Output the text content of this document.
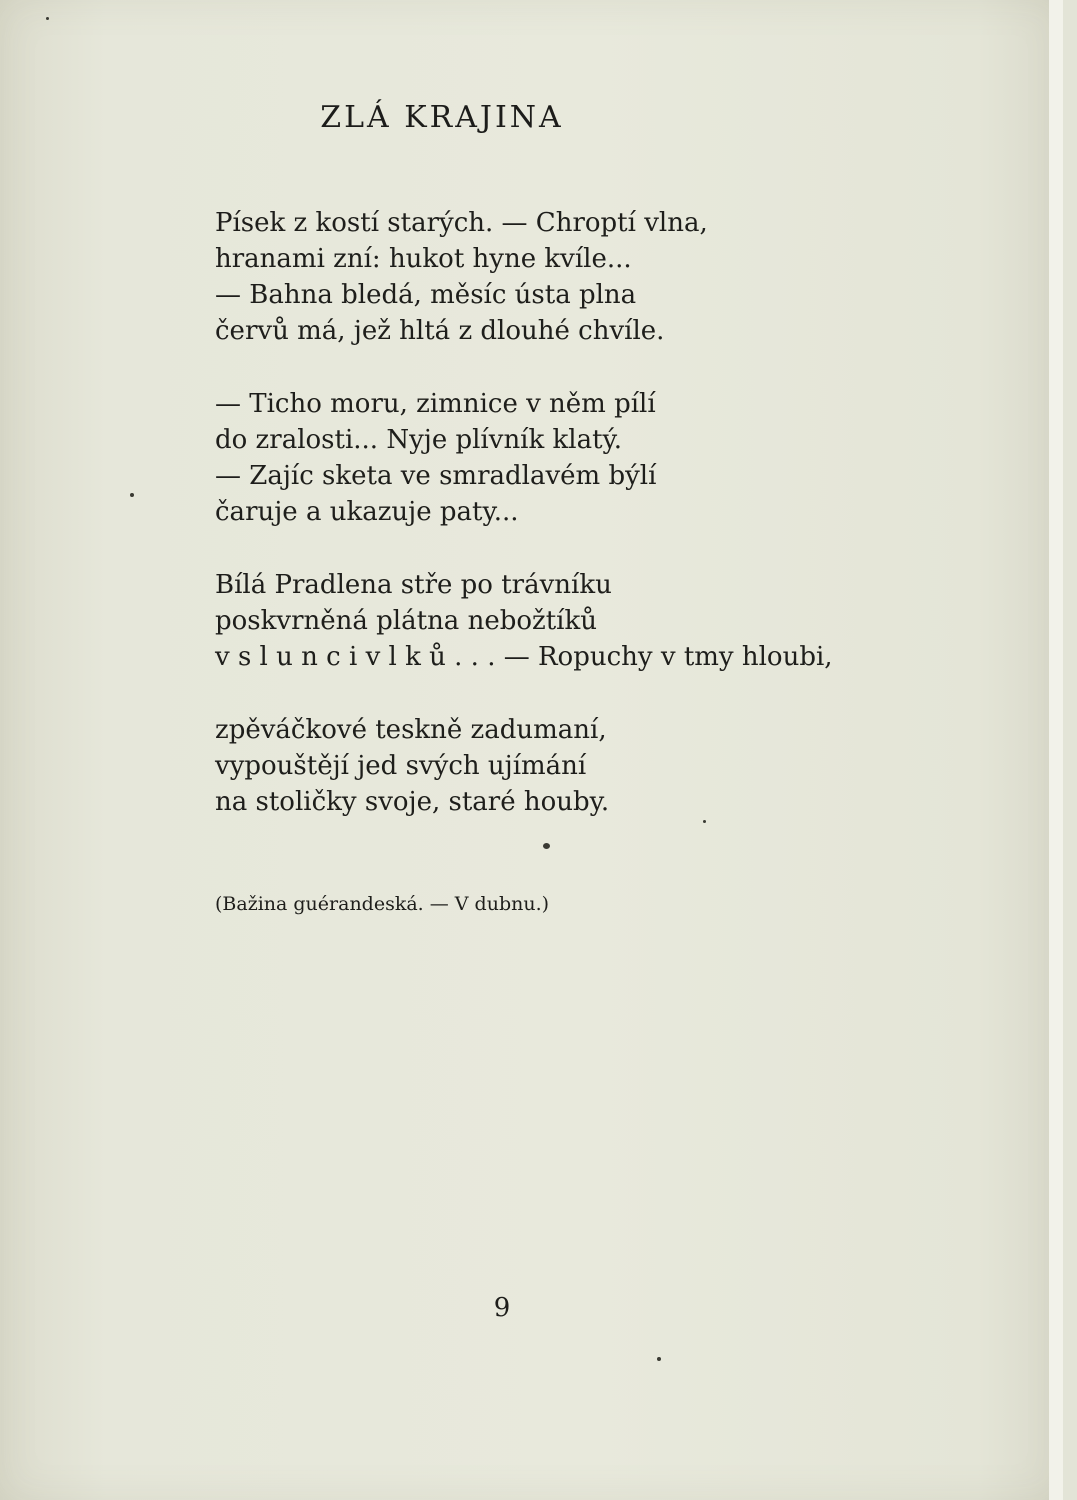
ZLÁ KRAJINA
Písek z kostí starých. — Chroptí vlna,
hranami zní: hukot hyne kvíle...
— Bahna bledá, měsíc ústa plna
červů má, jež hltá z dlouhé chvíle.
— Ticho moru, zimnice v něm pílí
do zralosti... Nyje plívník klatý.
— Zajíc sketa ve smradlavém býlí
čaruje a ukazuje paty...
Bílá Pradlena stře po trávníku
poskvrněná plátna nebožtíků
v s l u n c i v l k ů . . . — Ropuchy v tmy hloubi,
zpěváčkové teskně zadumaní,
vypouštějí jed svých ujímání
na stoličky svoje, staré houby.
(Bažina guérandeská. — V dubnu.)
9
